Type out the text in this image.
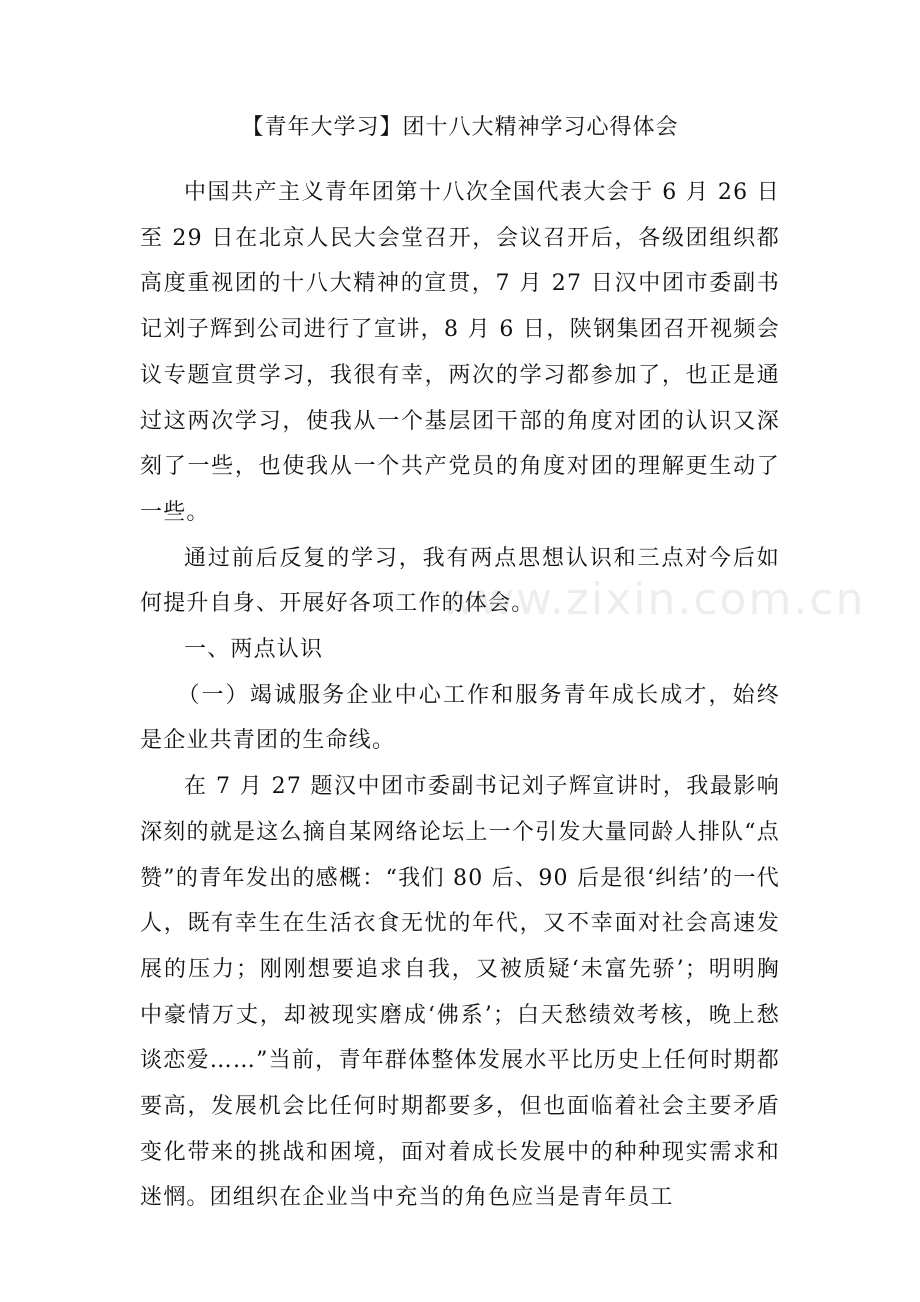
【青年大学习】团十八大精神学习心得体会

中国共产主义青年团第十八次全国代表大会于 6 月 26 日至 29 日在北京人民大会堂召开，会议召开后，各级团组织都高度重视团的十八大精神的宣贯，7 月 27 日汉中团市委副书记刘子辉到公司进行了宣讲，8 月 6 日，陕钢集团召开视频会议专题宣贯学习，我很有幸，两次的学习都参加了，也正是通过这两次学习，使我从一个基层团干部的角度对团的认识又深刻了一些，也使我从一个共产党员的角度对团的理解更生动了一些。

通过前后反复的学习，我有两点思想认识和三点对今后如何提升自身、开展好各项工作的体会。

一、两点认识

（一）竭诚服务企业中心工作和服务青年成长成才，始终是企业共青团的生命线。

在 7 月 27 题汉中团市委副书记刘子辉宣讲时，我最影响深刻的就是这么摘自某网络论坛上一个引发大量同龄人排队“点赞”的青年发出的感概：“我们 80 后、90 后是很‘纠结’的一代人，既有幸生在生活衣食无忧的年代，又不幸面对社会高速发展的压力；刚刚想要追求自我，又被质疑‘未富先骄’；明明胸中豪情万丈，却被现实磨成‘佛系’；白天愁绩效考核，晚上愁谈恋爱……”当前，青年群体整体发展水平比历史上任何时期都要高，发展机会比任何时期都要多，但也面临着社会主要矛盾变化带来的挑战和困境，面对着成长发展中的种种现实需求和迷惘。团组织在企业当中充当的角色应当是青年员工

www.zixin.com.cn
